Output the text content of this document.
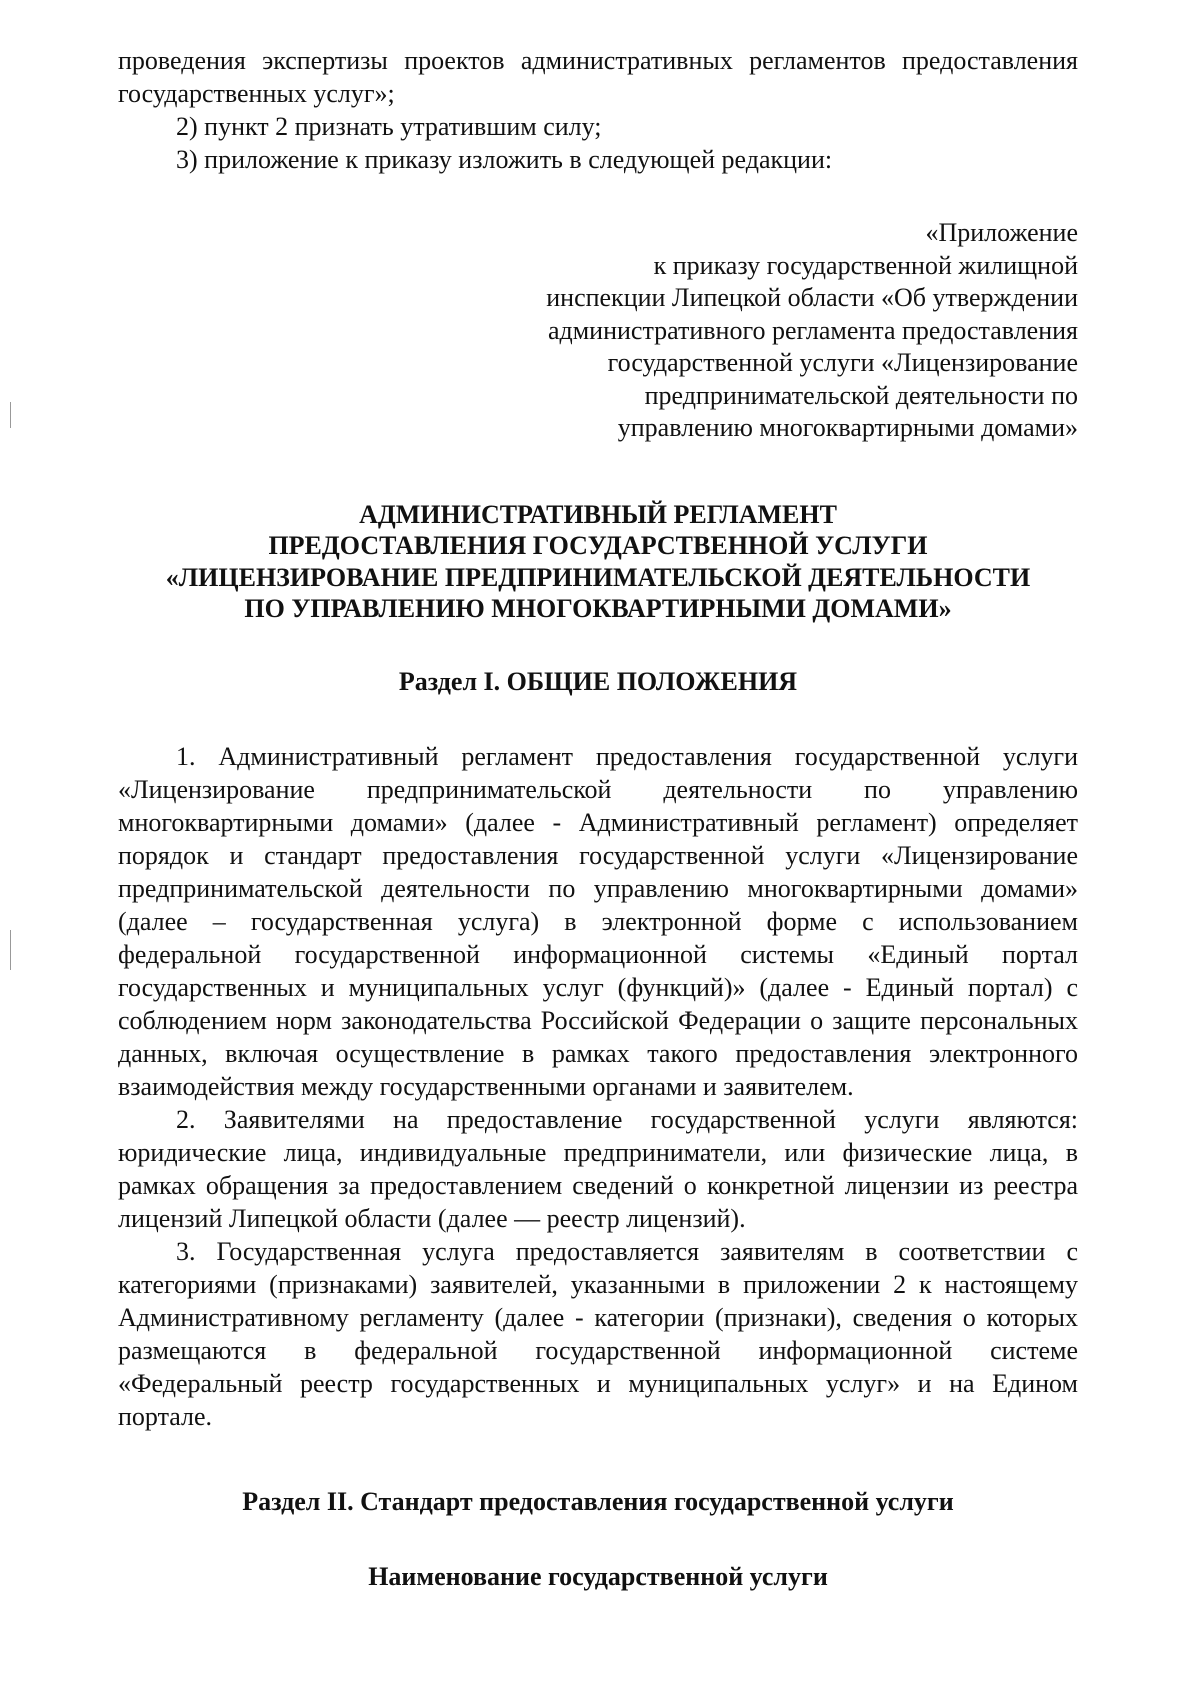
проведения экспертизы проектов административных регламентов предоставления

государственных услуг»;

2) пункт 2 признать утратившим силу;

3) приложение к приказу изложить в следующей редакции:

«Приложение
к приказу государственной жилищной
инспекции Липецкой области «Об утверждении
административного регламента предоставления
государственной услуги «Лицензирование
предпринимательской деятельности по
управлению многоквартирными домами»
АДМИНИСТРАТИВНЫЙ РЕГЛАМЕНТ
ПРЕДОСТАВЛЕНИЯ ГОСУДАРСТВЕННОЙ УСЛУГИ
«ЛИЦЕНЗИРОВАНИЕ ПРЕДПРИНИМАТЕЛЬСКОЙ ДЕЯТЕЛЬНОСТИ
ПО УПРАВЛЕНИЮ МНОГОКВАРТИРНЫМИ ДОМАМИ»
Раздел I. ОБЩИЕ ПОЛОЖЕНИЯ

1. Административный регламент предоставления государственной услуги «Лицензирование предпринимательской деятельности по управлению многоквартирными домами» (далее - Административный регламент) определяет порядок и стандарт предоставления государственной услуги «Лицензирование предпринимательской деятельности по управлению многоквартирными домами» (далее – государственная услуга) в электронной форме с использованием федеральной государственной информационной системы «Единый портал государственных и муниципальных услуг (функций)» (далее - Единый портал) с соблюдением норм законодательства Российской Федерации о защите персональных данных, включая осуществление в рамках такого предоставления электронного взаимодействия между государственными органами и заявителем.

2. Заявителями на предоставление государственной услуги являются: юридические лица, индивидуальные предприниматели, или физические лица, в рамках обращения за предоставлением сведений о конкретной лицензии из реестра лицензий Липецкой области (далее — реестр лицензий).

3. Государственная услуга предоставляется заявителям в соответствии с категориями (признаками) заявителей, указанными в приложении 2 к настоящему Административному регламенту (далее - категории (признаки), сведения о которых размещаются в федеральной государственной информационной системе «Федеральный реестр государственных и муниципальных услуг» и на Едином портале.

Раздел II. Стандарт предоставления государственной услуги
Наименование государственной услуги
